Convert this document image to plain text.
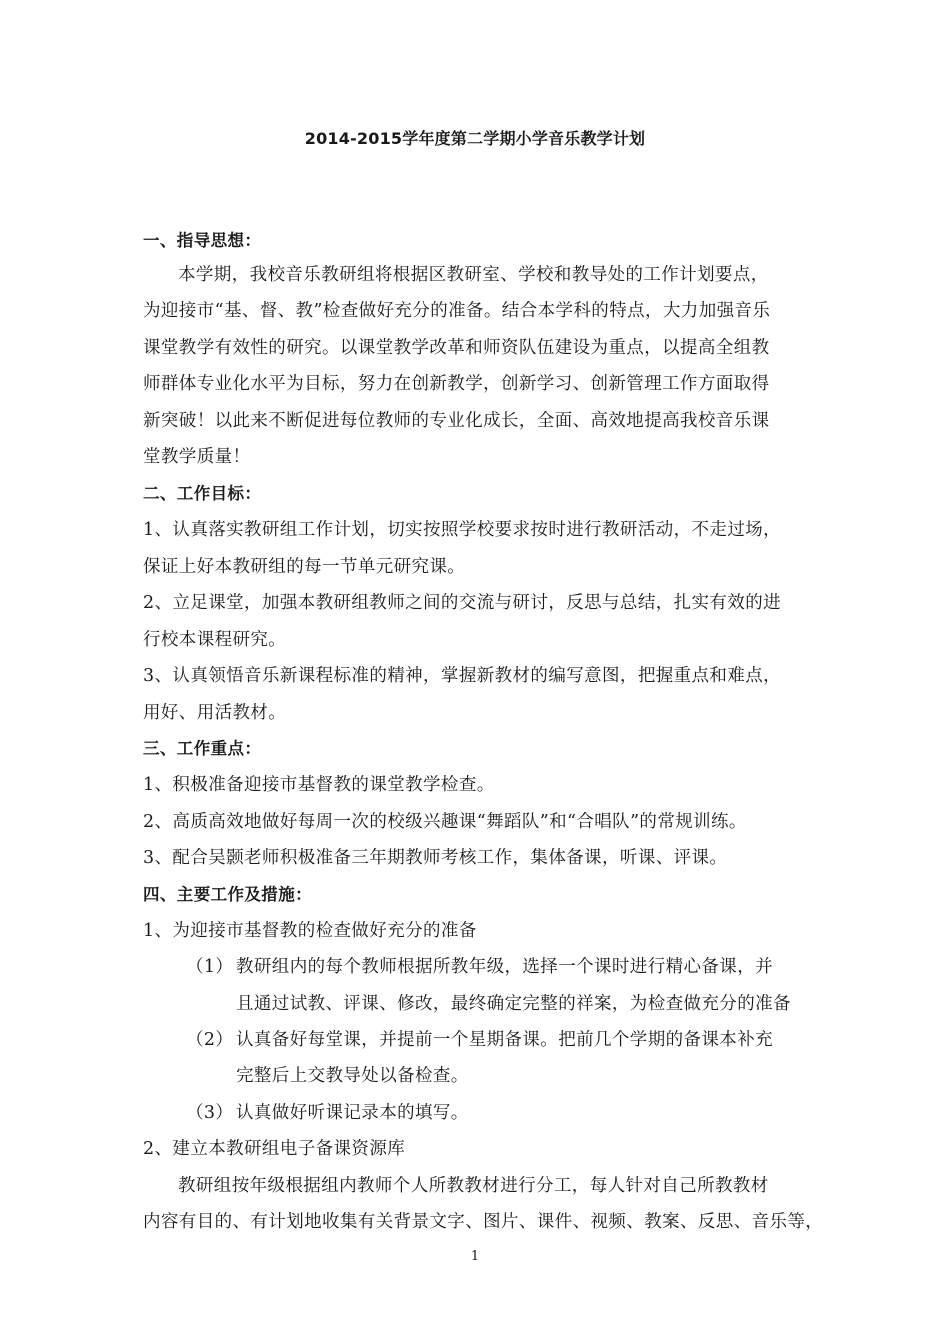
2014-2015学年度第二学期小学音乐教学计划
一、指导思想：
本学期，我校音乐教研组将根据区教研室、学校和教导处的工作计划要点，
为迎接市“基、督、教”检查做好充分的准备。结合本学科的特点，大力加强音乐
课堂教学有效性的研究。以课堂教学改革和师资队伍建设为重点，以提高全组教
师群体专业化水平为目标，努力在创新教学，创新学习、创新管理工作方面取得
新突破！以此来不断促进每位教师的专业化成长，全面、高效地提高我校音乐课
堂教学质量！
二、工作目标：
1、认真落实教研组工作计划，切实按照学校要求按时进行教研活动，不走过场，
保证上好本教研组的每一节单元研究课。
2、立足课堂，加强本教研组教师之间的交流与研讨，反思与总结，扎实有效的进
行校本课程研究。
3、认真领悟音乐新课程标准的精神，掌握新教材的编写意图，把握重点和难点，
用好、用活教材。
三、工作重点：
1、积极准备迎接市基督教的课堂教学检查。
2、高质高效地做好每周一次的校级兴趣课“舞蹈队”和“合唱队”的常规训练。
3、配合吴颢老师积极准备三年期教师考核工作，集体备课，听课、评课。
四、主要工作及措施：
1、为迎接市基督教的检查做好充分的准备
（1） 教研组内的每个教师根据所教年级，选择一个课时进行精心备课，并
且通过试教、评课、修改，最终确定完整的祥案，为检查做充分的准备
（2） 认真备好每堂课，并提前一个星期备课。把前几个学期的备课本补充
完整后上交教导处以备检查。
（3） 认真做好听课记录本的填写。
2、建立本教研组电子备课资源库
教研组按年级根据组内教师个人所教教材进行分工，每人针对自己所教教材
内容有目的、有计划地收集有关背景文字、图片、课件、视频、教案、反思、音乐等，
1
